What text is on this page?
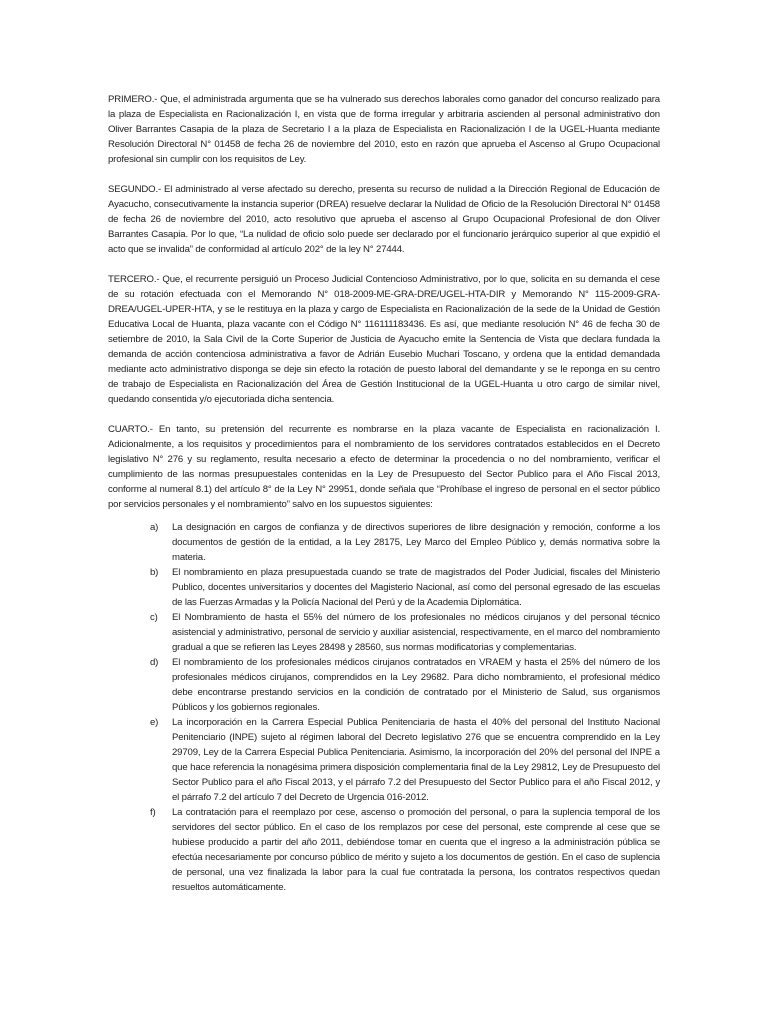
PRIMERO.- Que, el administrada argumenta que se ha vulnerado sus derechos laborales como ganador del concurso realizado para la plaza de Especialista en Racionalización I, en vista que de forma irregular y arbitraria ascienden al personal administrativo don Oliver Barrantes Casapia de la plaza de Secretario I a la plaza de Especialista en Racionalización I de la UGEL-Huanta mediante Resolución Directoral N° 01458 de fecha 26 de noviembre del 2010, esto en razón que aprueba el Ascenso al Grupo Ocupacional profesional sin cumplir con los requisitos de Ley.

SEGUNDO.- El administrado al verse afectado su derecho, presenta su recurso de nulidad a la Dirección Regional de Educación de Ayacucho, consecutivamente la instancia superior (DREA) resuelve declarar la Nulidad de Oficio de la Resolución Directoral N° 01458 de fecha 26 de noviembre del 2010, acto resolutivo que aprueba el ascenso al Grupo Ocupacional Profesional de don Oliver Barrantes Casapia. Por lo que, “La nulidad de oficio solo puede ser declarado por el funcionario jerárquico superior al que expidió el acto que se invalida” de conformidad al artículo 202° de la ley N° 27444.

TERCERO.- Que, el recurrente persiguió un Proceso Judicial Contencioso Administrativo, por lo que, solicita en su demanda el cese de su rotación efectuada con el Memorando N° 018-2009-ME-GRA-DRE/UGEL-HTA-DIR y Memorando N° 115-2009-GRA-DREA/UGEL-UPER-HTA, y se le restituya en la plaza y cargo de Especialista en Racionalización de la sede de la Unidad de Gestión Educativa Local de Huanta, plaza vacante con el Código N° 116111183436. Es así, que mediante resolución N° 46 de fecha 30 de setiembre de 2010, la Sala Civil de la Corte Superior de Justicia de Ayacucho emite la Sentencia de Vista que declara fundada la demanda de acción contenciosa administrativa a favor de Adrián Eusebio Muchari Toscano, y ordena que la entidad demandada mediante acto administrativo disponga se deje sin efecto la rotación de puesto laboral del demandante y se le reponga en su centro de trabajo de Especialista en Racionalización del Área de Gestión Institucional de la UGEL-Huanta u otro cargo de similar nivel, quedando consentida y/o ejecutoriada dicha sentencia.

CUARTO.- En tanto, su pretensión del recurrente es nombrarse en la plaza vacante de Especialista en racionalización I. Adicionalmente, a los requisitos y procedimientos para el nombramiento de los servidores contratados establecidos en el Decreto legislativo N° 276 y su reglamento, resulta necesario a efecto de determinar la procedencia o no del nombramiento, verificar el cumplimiento de las normas presupuestales contenidas en la Ley de Presupuesto del Sector Publico para el Año Fiscal 2013, conforme al numeral 8.1) del artículo 8° de la Ley N° 29951, donde señala que “Prohíbase el ingreso de personal en el sector público por servicios personales y el nombramiento” salvo en los supuestos siguientes:

a)	La designación en cargos de confianza y de directivos superiores de libre designación y remoción, conforme a los documentos de gestión de la entidad, a la Ley 28175, Ley Marco del Empleo Público y, demás normativa sobre la materia.
b)	El nombramiento en plaza presupuestada cuando se trate de magistrados del Poder Judicial, fiscales del Ministerio Publico, docentes universitarios y docentes del Magisterio Nacional, así como del personal egresado de las escuelas de las Fuerzas Armadas y la Policía Nacional del Perú y de la Academia Diplomática.
c)	El Nombramiento de hasta el 55% del número de los profesionales no médicos cirujanos y del personal técnico asistencial y administrativo, personal de servicio y auxiliar asistencial, respectivamente, en el marco del nombramiento gradual a que se refieren las Leyes 28498 y 28560, sus normas modificatorias y complementarias.
d)	El nombramiento de los profesionales médicos cirujanos contratados en VRAEM y hasta el 25% del número de los profesionales médicos cirujanos, comprendidos en la Ley 29682. Para dicho nombramiento, el profesional médico debe encontrarse prestando servicios en la condición de contratado por el Ministerio de Salud, sus organismos Públicos y los gobiernos regionales.
e)	La incorporación en la Carrera Especial Publica Penitenciaria de hasta el 40% del personal del Instituto Nacional Penitenciario (INPE) sujeto al régimen laboral del Decreto legislativo 276 que se encuentra comprendido en la Ley 29709, Ley de la Carrera Especial Publica Penitenciaria. Asimismo, la incorporación del 20% del personal del INPE a que hace referencia la nonagésima primera disposición complementaria final de la Ley 29812, Ley de Presupuesto del Sector Publico para el año Fiscal 2013, y el párrafo 7.2 del Presupuesto del Sector Publico para el año Fiscal 2012, y el párrafo 7.2 del artículo 7 del Decreto de Urgencia 016-2012.
f)	La contratación para el reemplazo por cese, ascenso o promoción del personal, o para la suplencia temporal de los servidores del sector público. En el caso de los remplazos por cese del personal, este comprende al cese que se hubiese producido a partir del año 2011, debiéndose tomar en cuenta que el ingreso a la administración pública se efectúa necesariamente por concurso público de mérito y sujeto a los documentos de gestión. En el caso de suplencia de personal, una vez finalizada la labor para la cual fue contratada la persona, los contratos respectivos quedan resueltos automáticamente.
